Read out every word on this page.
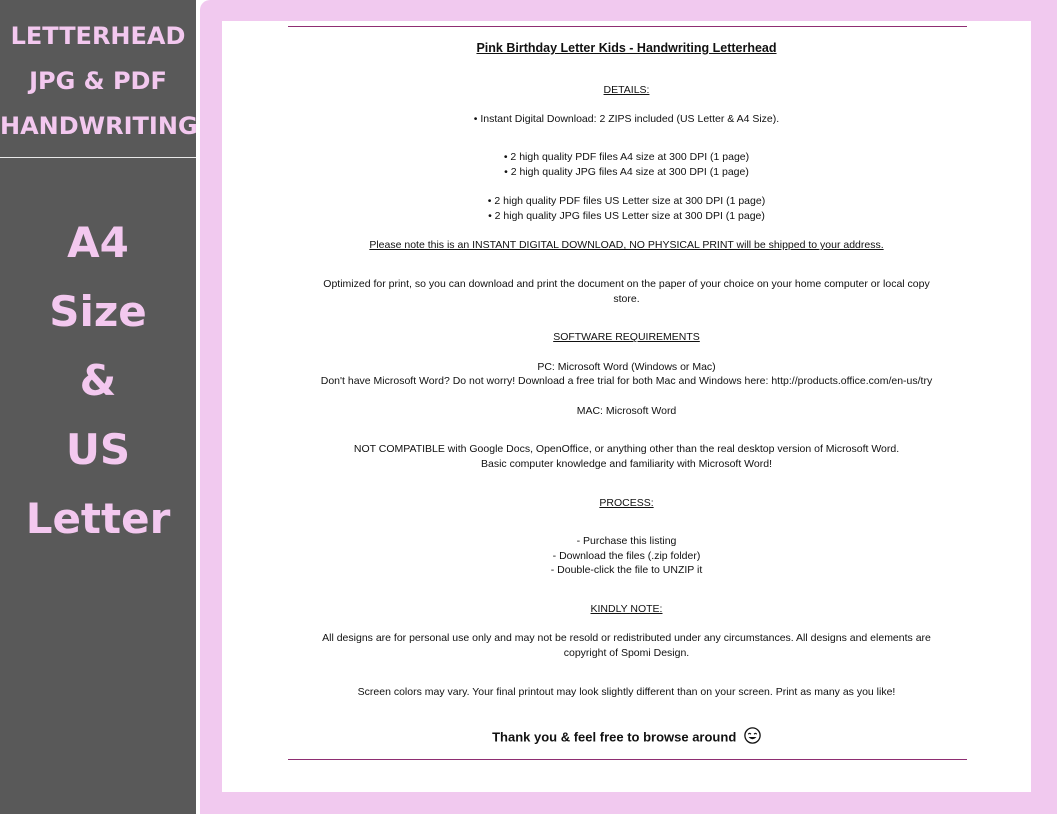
LETTERHEAD
JPG & PDF
HANDWRITING
A4
Size
&
US
Letter
Pink Birthday Letter Kids - Handwriting Letterhead
DETAILS:
• Instant Digital Download: 2 ZIPS included (US Letter & A4 Size).
• 2 high quality PDF files A4 size at 300 DPI (1 page)
• 2 high quality JPG files A4 size at 300 DPI (1 page)
• 2 high quality PDF files US Letter size at 300 DPI (1 page)
• 2 high quality JPG files US Letter size at 300 DPI (1 page)
Please note this is an INSTANT DIGITAL DOWNLOAD, NO PHYSICAL PRINT will be shipped to your address.
Optimized for print, so you can download and print the document on the paper of your choice on your home computer or local copy
store.
SOFTWARE REQUIREMENTS
PC: Microsoft Word (Windows or Mac)
Don't have Microsoft Word? Do not worry! Download a free trial for both Mac and Windows here: http://products.office.com/en-us/try
MAC: Microsoft Word
NOT COMPATIBLE with Google Docs, OpenOffice, or anything other than the real desktop version of Microsoft Word.
Basic computer knowledge and familiarity with Microsoft Word!
PROCESS:
- Purchase this listing
- Download the files (.zip folder)
- Double-click the file to UNZIP it
KINDLY NOTE:
All designs are for personal use only and may not be resold or redistributed under any circumstances. All designs and elements are
copyright of Spomi Design.
Screen colors may vary. Your final printout may look slightly different than on your screen. Print as many as you like!
Thank you & feel free to browse around
